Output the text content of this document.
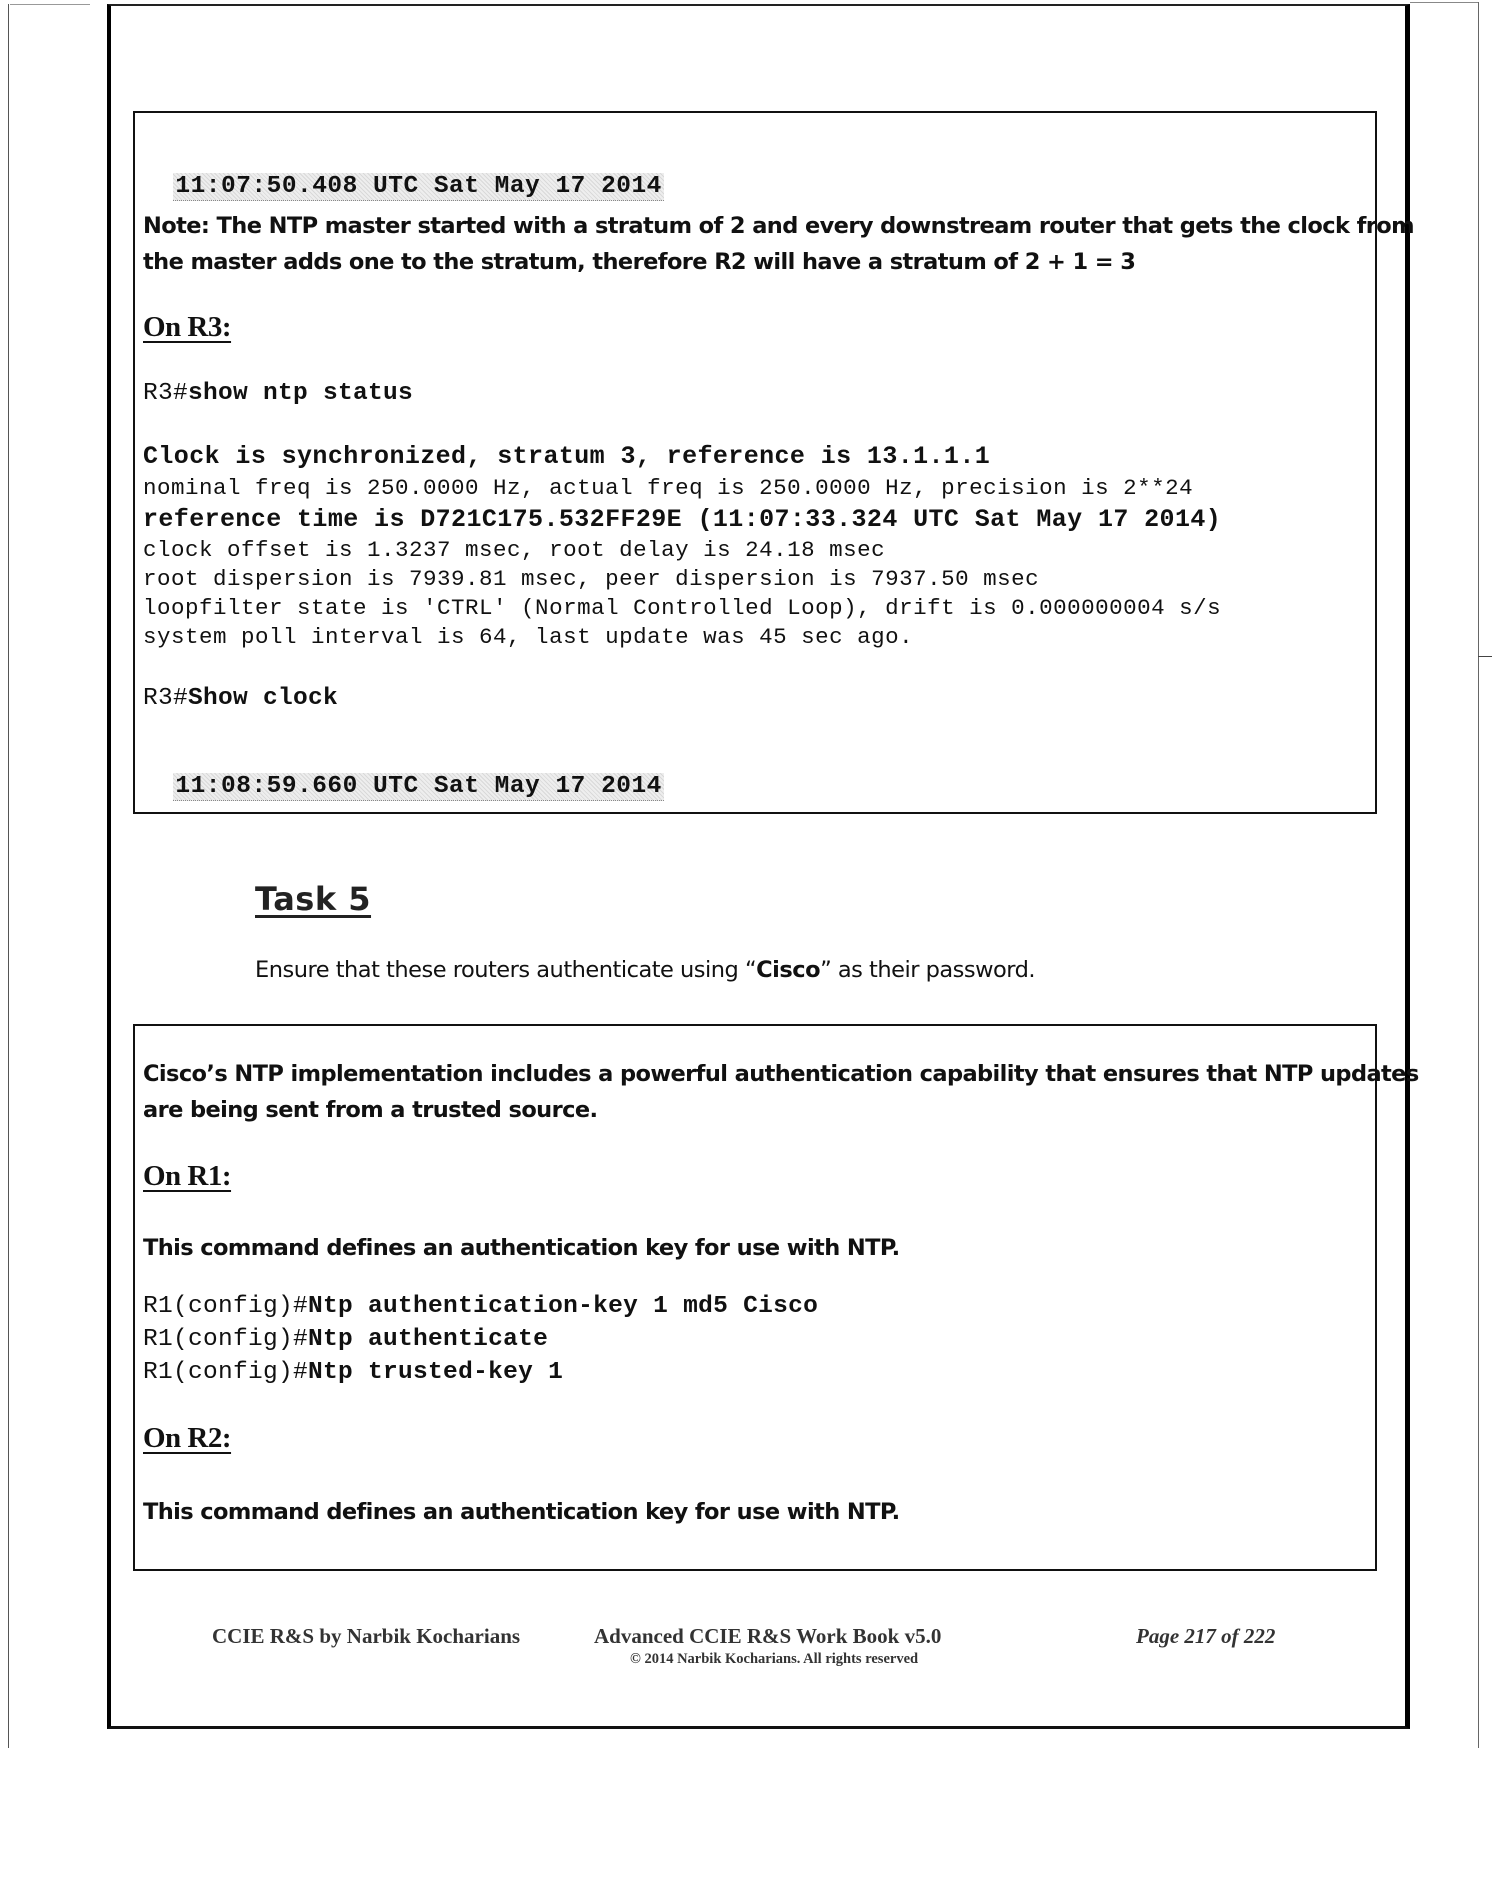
11:07:50.408 UTC Sat May 17 2014

Note: The NTP master started with a stratum of 2 and every downstream router that gets the clock from
the master adds one to the stratum, therefore R2 will have a stratum of 2 + 1 = 3
On R3:
R3#show ntp status
Clock is synchronized, stratum 3, reference is 13.1.1.1
nominal freq is 250.0000 Hz, actual freq is 250.0000 Hz, precision is 2**24
reference time is D721C175.532FF29E (11:07:33.324 UTC Sat May 17 2014)
clock offset is 1.3237 msec, root delay is 24.18 msec
root dispersion is 7939.81 msec, peer dispersion is 7937.50 msec
loopfilter state is 'CTRL' (Normal Controlled Loop), drift is 0.000000004 s/s
system poll interval is 64, last update was 45 sec ago.
R3#Show clock

11:08:59.660 UTC Sat May 17 2014

Task 5
Ensure that these routers authenticate using “Cisco” as their password.
Cisco’s NTP implementation includes a powerful authentication capability that ensures that NTP updates
are being sent from a trusted source.
On R1:
This command defines an authentication key for use with NTP.
R1(config)#Ntp authentication-key 1 md5 Cisco
R1(config)#Ntp authenticate
R1(config)#Ntp trusted-key 1
On R2:
This command defines an authentication key for use with NTP.
CCIE R&S by Narbik Kocharians	Advanced CCIE R&S Work Book v5.0
© 2014 Narbik Kocharians. All rights reserved
Page 217 of 222
